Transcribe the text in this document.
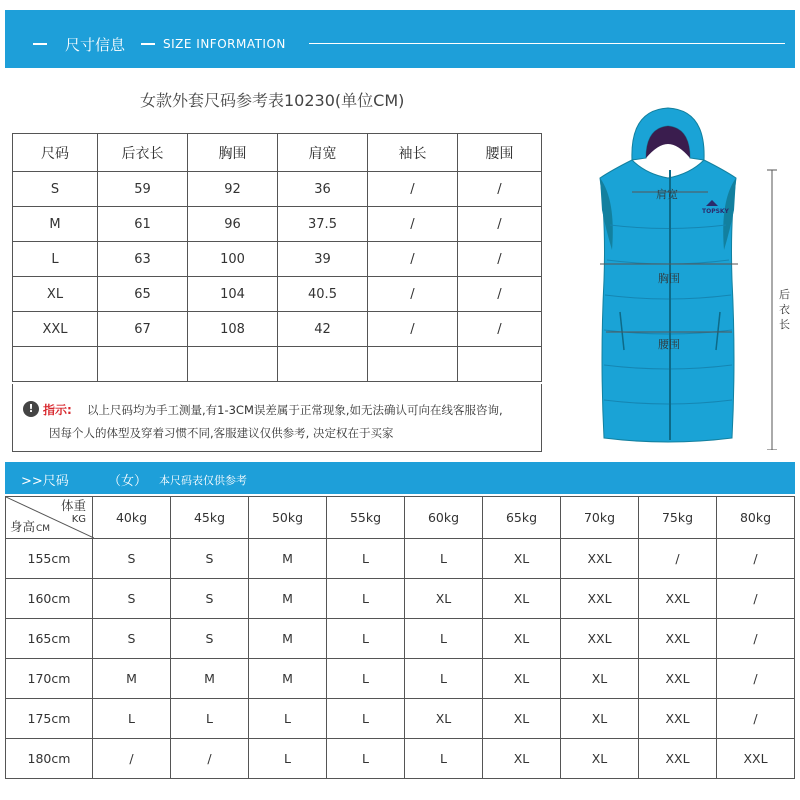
尺寸信息	SIZE INFORMATION
女款外套尺码参考表10230(单位CM)
尺码	后衣长	胸围	肩宽	袖长	腰围
S	59	92	36	/	/
M	61	96	37.5	/	/
L	63	100	39	/	/
XL	65	104	40.5	/	/
XXL	67	108	42	/	/

! 指示: 以上尺码均为手工测量,有1-3CM误差属于正常现象,如无法确认可向在线客服咨询,
因每个人的体型及穿着习惯不同,客服建议仅供参考, 决定权在于买家
肩宽
TOPSKY
胸围
腰围
后
衣
长
>>尺码	（女） 本尺码表仅供参考
体重
KG
身高 CM	40kg	45kg	50kg	55kg	60kg	65kg	70kg	75kg	80kg
155cm	S	S	M	L	L	XL	XXL	/	/
160cm	S	S	M	L	XL	XL	XXL	XXL	/
165cm	S	S	M	L	L	XL	XXL	XXL	/
170cm	M	M	M	L	L	XL	XL	XXL	/
175cm	L	L	L	L	XL	XL	XL	XXL	/
180cm	/	/	L	L	L	XL	XL	XXL	XXL
